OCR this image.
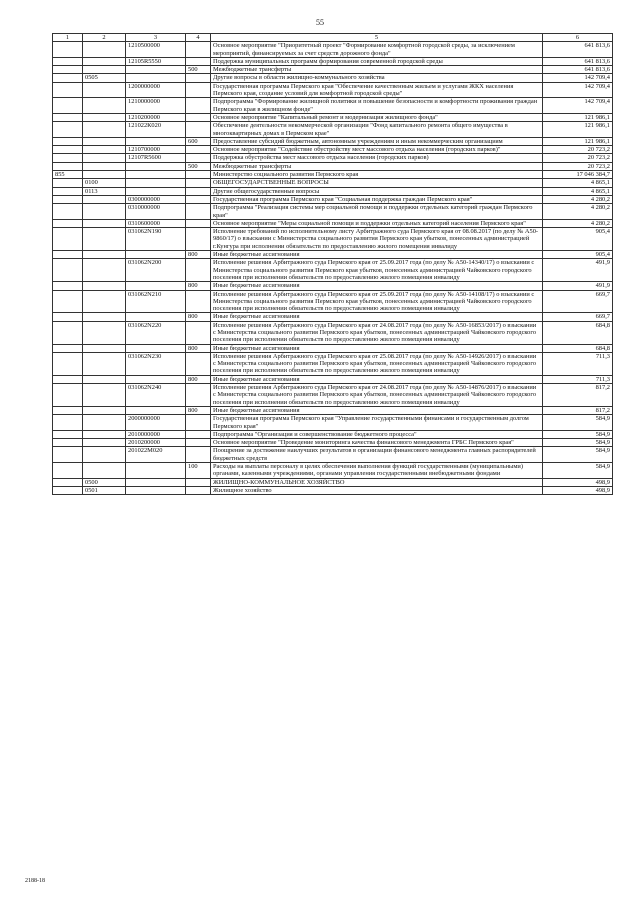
55
1	2	3	4	5	6
		1210500000		Основное мероприятие "Приоритетный проект "Формирование комфортной городской среды, за исключением мероприятий, финансируемых за счет средств дорожного фонда"	641 813,6
		12105R5550		Поддержка муниципальных программ формирования современной городской среды	641 813,6
			500	Межбюджетные трансферты	641 813,6
	0505			Другие вопросы в области жилищно-коммунального хозяйства	142 709,4
		1200000000		Государственная программа Пермского края "Обеспечение качественным жильем и услугами ЖКХ населения Пермского края, создание условий для комфортной городской среды"	142 709,4
		1210000000		Подпрограмма "Формирование жилищной политики и повышение безопасности и комфортности проживания граждан Пермского края в жилищном фонде"	142 709,4
		1210200000		Основное мероприятие "Капитальный ремонт и модернизация жилищного фонда"	121 986,1
		121022К020		Обеспечение деятельности некоммерческой организации "Фонд капитального ремонта общего имущества в многоквартирных домах в Пермском крае"	121 986,1
			600	Предоставление субсидий бюджетным, автономным учреждениям и иным некоммерческим организациям	121 986,1
		1210700000		Основное мероприятие "Содействие обустройству мест массового отдыха населения (городских парков)"	20 723,2
		12107R5600		Поддержка обустройства мест массового отдыха населения (городских парков)	20 723,2
			500	Межбюджетные трансферты	20 723,2
855				Министерство социального развития Пермского края	17 046 384,7
	0100			ОБЩЕГОСУДАРСТВЕННЫЕ ВОПРОСЫ	4 865,1
	0113			Другие общегосударственные вопросы	4 865,1
		0300000000		Государственная программа Пермского края "Социальная поддержка граждан Пермского края"	4 280,2
		0310000000		Подпрограмма "Реализация системы мер социальной помощи и поддержки отдельных категорий граждан Пермского края"	4 280,2
		0310600000		Основное мероприятие "Меры социальной помощи и поддержки отдельных категорий населения Пермского края"	4 280,2
		031062N190		Исполнение требований по исполнительному листу Арбитражного суда Пермского края от 08.08.2017 (по делу № А50-9860/17) о взыскании с Министерства социального развития Пермского края убытков, понесенных администрацией г.Кунгура при исполнении обязательств по предоставлению жилого помещения инвалиду	905,4
			800	Иные бюджетные ассигнования	905,4
		031062N200		Исполнение решения Арбитражного суда Пермского края от 25.09.2017 года (по делу № А50-14340/17) о взыскании с Министерства социального развития Пермского края убытков, понесенных администрацией Чайковского городского поселения при исполнении обязательств по предоставлению жилого помещения инвалиду	491,9
			800	Иные бюджетные ассигнования	491,9
		031062N210		Исполнение решения Арбитражного суда Пермского края от 25.09.2017 года (по делу № А50-14108/17) о взыскании с Министерства социального развития Пермского края убытков, понесенных администрацией Чайковского городского поселения при исполнении обязательств по предоставлению жилого помещения инвалиду	669,7
			800	Иные бюджетные ассигнования	669,7
		031062N220		Исполнение решения Арбитражного суда Пермского края от 24.08.2017 года (по делу № А50-16853/2017) о взыскании с Министерства социального развития Пермского края убытков, понесенных администрацией Чайковского городского поселения при исполнении обязательств по предоставлению жилого помещения инвалиду	684,8
			800	Иные бюджетные ассигнования	684,8
		031062N230		Исполнение решения Арбитражного суда Пермского края от 25.08.2017 года (по делу № А50-14926/2017) о взыскании с Министерства социального развития Пермского края убытков, понесенных администрацией Чайковского городского поселения при исполнении обязательств по предоставлению жилого помещения инвалиду	711,3
			800	Иные бюджетные ассигнования	711,3
		031062N240		Исполнение решения Арбитражного суда Пермского края от 24.08.2017 года (по делу № А50-14876/2017) о взыскании с Министерства социального развития Пермского края убытков, понесенных администрацией Чайковского городского поселения при исполнении обязательств по предоставлению жилого помещения инвалиду	817,2
			800	Иные бюджетные ассигнования	817,2
		2000000000		Государственная программа Пермского края "Управление государственными финансами и государственным долгом Пермского края"	584,9
		2010000000		Подпрограмма "Организация и совершенствование бюджетного процесса"	584,9
		2010200000		Основное мероприятие "Проведение мониторинга качества финансового менеджмента ГРБС Пермского края"	584,9
		201022М020		Поощрение за достижение наилучших результатов в организации финансового менеджмента главных распорядителей бюджетных средств	584,9
			100	Расходы на выплаты персоналу в целях обеспечения выполнения функций государственными (муниципальными) органами, казенными учреждениями, органами управления государственными внебюджетными фондами	584,9
	0500			ЖИЛИЩНО-КОММУНАЛЬНОЕ ХОЗЯЙСТВО	498,9
	0501			Жилищное хозяйство	498,9
2188-18
